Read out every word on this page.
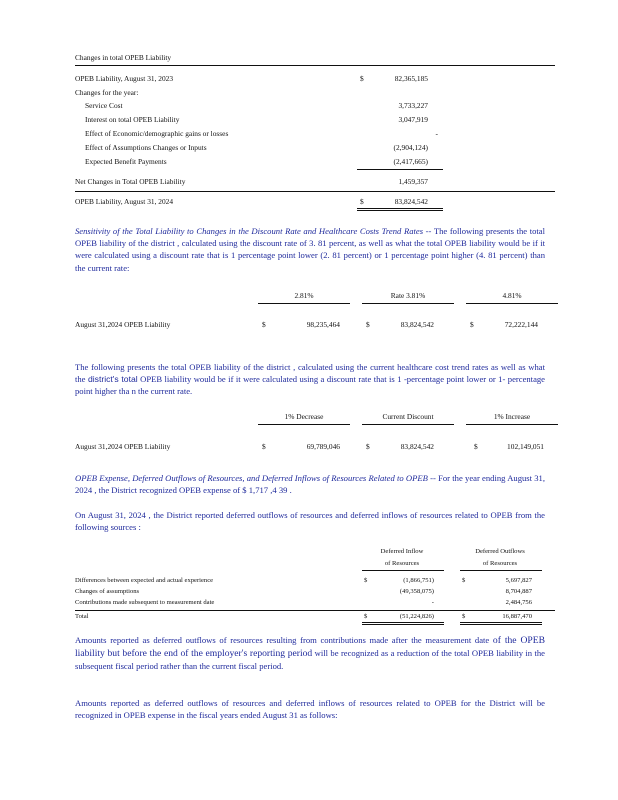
Changes in total OPEB Liability
OPEB Liability, August 31, 2023	$	82,365,185
Changes for the year:
Service Cost	3,733,227
Interest on total OPEB Liability	3,047,919
Effect of Economic/demographic gains or losses	-
Effect of Assumptions Changes or Inputs	(2,904,124)
Expected Benefit Payments	(2,417,665)
Net Changes in Total OPEB Liability	1,459,357
OPEB Liability, August 31, 2024	$	83,824,542
Sensitivity of the Total Liability to Changes in the Discount Rate and Healthcare Costs Trend Rates -- The following presents the total OPEB liability of the district , calculated using the discount rate of 3. 81 percent, as well as what the total OPEB liability would be if it were calculated using a discount rate that is 1 percentage point lower (2. 81 percent) or 1 percentage point higher (4. 81 percent) than the current rate:
2.81%	Rate 3.81%	4.81%
August 31,2024 OPEB Liability	$	98,235,464	$	83,824,542	$	72,222,144
The following presents the total OPEB liability of the district , calculated using the current healthcare cost trend rates as well as what the district's total OPEB liability would be if it were calculated using a discount rate that is 1 -percentage point lower or 1- percentage point higher tha n the current rate.
1% Decrease	Current Discount	1% Increase
August 31,2024 OPEB Liability	$	69,789,046	$	83,824,542	$	102,149,051
OPEB Expense, Deferred Outflows of Resources, and Deferred Inflows of Resources Related to OPEB -- For the year ending August 31, 2024 , the District recognized OPEB expense of $ 1,717 ,4 39 .
On August 31, 2024 , the District reported deferred outflows of resources and deferred inflows of resources related to OPEB from the following sources :
Deferred Inflow
of Resources
Deferred Outflows
of Resources
$	$
Differences between expected and actual experience	(1,866,751)	5,697,827
Changes of assumptions	(49,358,075)	8,704,887
Contributions made subsequent to measurement date	-	2,484,756
Total	$	(51,224,826)	$	16,887,470
Amounts reported as deferred outflows of resources resulting from contributions made after the measurement date of the OPEB liability but before the end of the employer's reporting period will be recognized as a reduction of the total OPEB liability in the subsequent fiscal period rather than the current fiscal period.
Amounts reported as deferred outflows of resources and deferred inflows of resources related to OPEB for the District will be recognized in OPEB expense in the fiscal years ended August 31 as follows:
